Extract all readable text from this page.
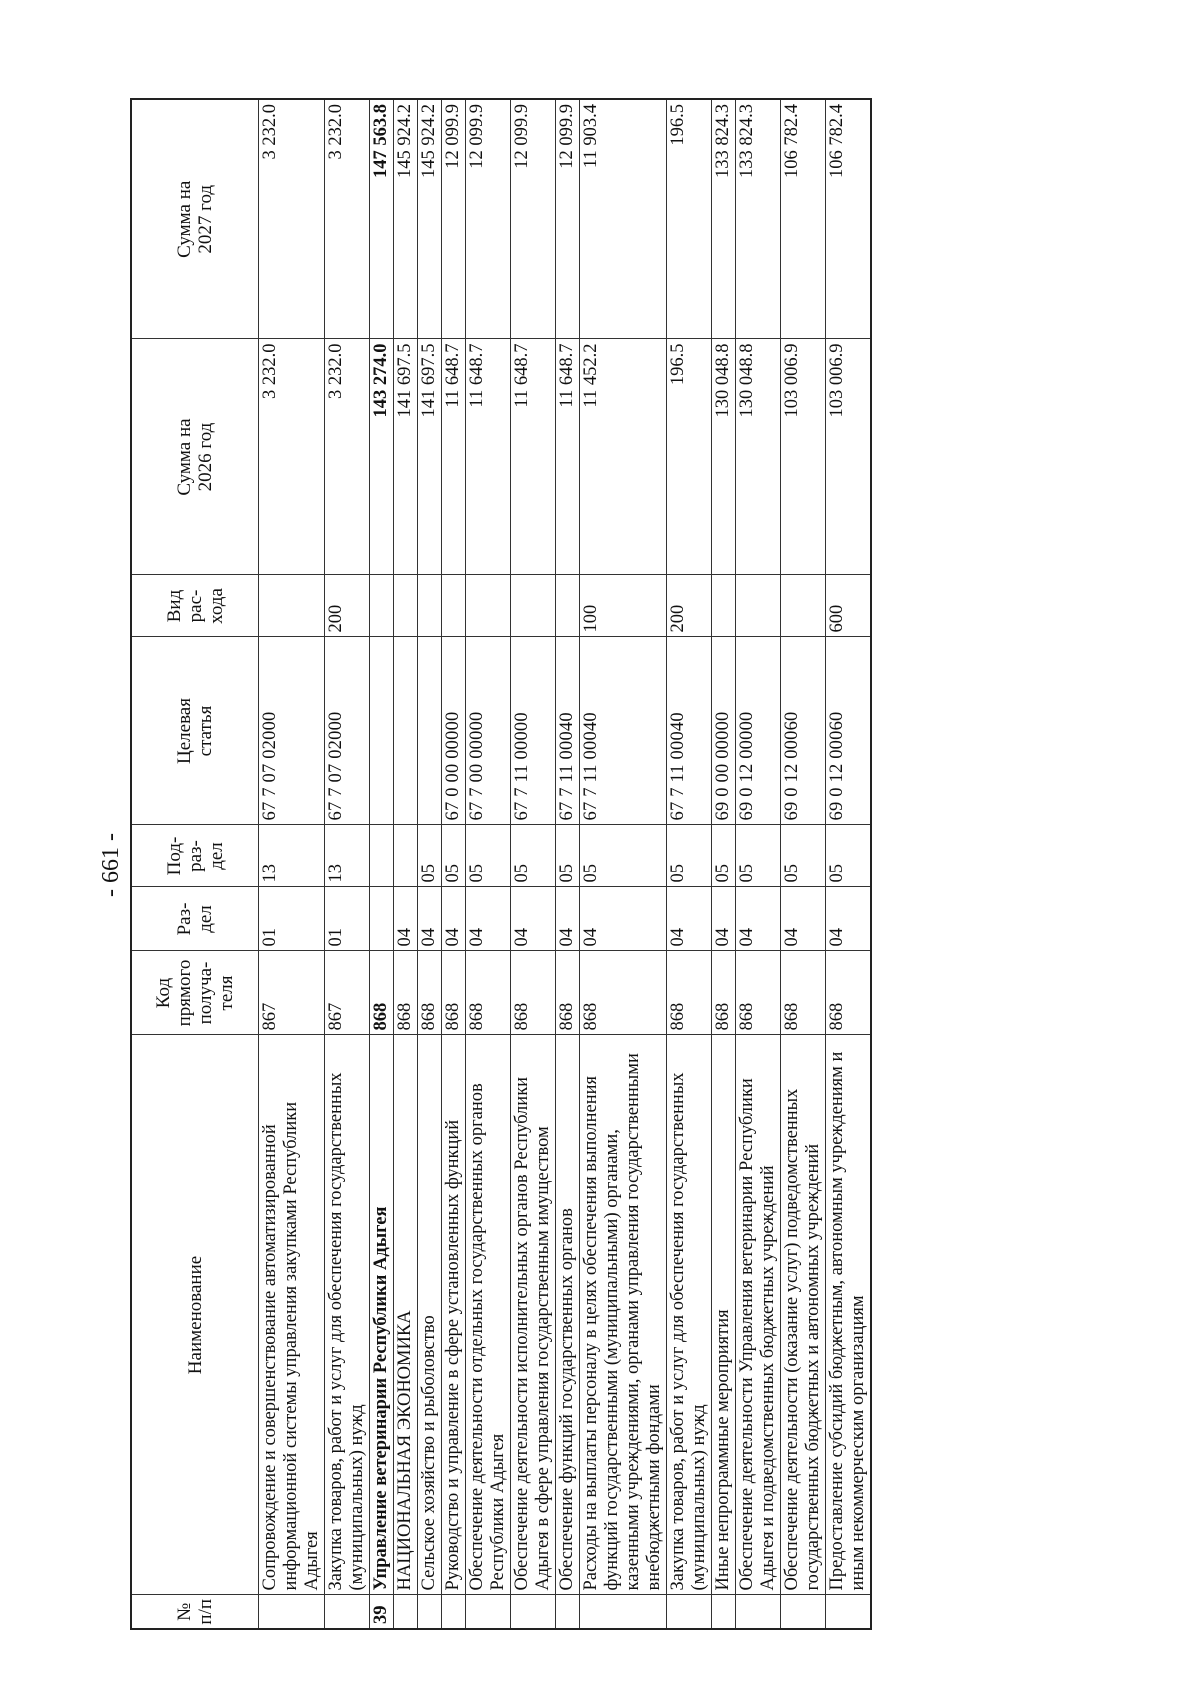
- 661 -
№ п/п	Наименование	Код прямого получа- теля	Раз- дел	Под- раз- дел	Целевая статья	Вид рас- хода	Сумма на 2026 год	Сумма на 2027 год

	Сопровождение и совершенствование автоматизированной информационной системы управления закупками Республики Адыгея	867	01	13	67 7 07 02000		3 232.0	3 232.0
	Закупка товаров, работ и услуг для обеспечения государственных (муниципальных) нужд	867	01	13	67 7 07 02000	200	3 232.0	3 232.0
39	Управление ветеринарии Республики Адыгея	868					143 274.0	147 563.8
	НАЦИОНАЛЬНАЯ ЭКОНОМИКА	868	04				141 697.5	145 924.2
	Сельское хозяйство и рыболовство	868	04	05			141 697.5	145 924.2
	Руководство и управление в сфере установленных функций	868	04	05	67 0 00 00000		11 648.7	12 099.9
	Обеспечение деятельности отдельных государственных органов Республики Адыгея	868	04	05	67 7 00 00000		11 648.7	12 099.9
	Обеспечение деятельности исполнительных органов Республики Адыгея в сфере управления государственным имуществом	868	04	05	67 7 11 00000		11 648.7	12 099.9
	Обеспечение функций государственных органов	868	04	05	67 7 11 00040		11 648.7	12 099.9
	Расходы на выплаты персоналу в целях обеспечения выполнения функций государственными (муниципальными) органами, казенными учреждениями, органами управления государственными внебюджетными фондами	868	04	05	67 7 11 00040	100	11 452.2	11 903.4
	Закупка товаров, работ и услуг для обеспечения государственных (муниципальных) нужд	868	04	05	67 7 11 00040	200	196.5	196.5
	Иные непрограммные мероприятия	868	04	05	69 0 00 00000		130 048.8	133 824.3
	Обеспечение деятельности Управления ветеринарии Республики Адыгея и подведомственных бюджетных учреждений	868	04	05	69 0 12 00000		130 048.8	133 824.3
	Обеспечение деятельности (оказание услуг) подведомственных государственных бюджетных и автономных учреждений	868	04	05	69 0 12 00060		103 006.9	106 782.4
	Предоставление субсидий бюджетным, автономным учреждениям и иным некоммерческим организациям	868	04	05	69 0 12 00060	600	103 006.9	106 782.4
